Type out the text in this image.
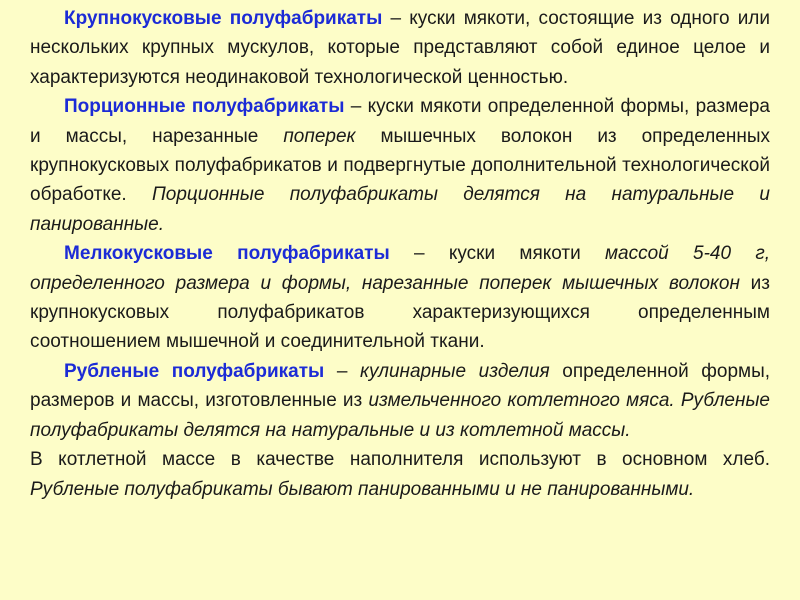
Крупнокусковые полуфабрикаты – куски мякоти, состоящие из одного или нескольких крупных мускулов, которые представляют собой единое целое и характеризуются неодинаковой технологической ценностью.

Порционные полуфабрикаты – куски мякоти определенной формы, размера и массы, нарезанные поперек мышечных волокон из определенных крупнокусковых полуфабрикатов и подвергнутые дополнительной технологической обработке. Порционные полуфабрикаты делятся на натуральные и панированные.

Мелкокусковые полуфабрикаты – куски мякоти массой 5-40 г, определенного размера и формы, нарезанные поперек мышечных волокон из крупнокусковых полуфабрикатов характеризующихся определенным соотношением мышечной и соединительной ткани.

Рубленые полуфабрикаты – кулинарные изделия определенной формы, размеров и массы, изготовленные из измельченного котлетного мяса. Рубленые полуфабрикаты делятся на натуральные и из котлетной массы.

В котлетной массе в качестве наполнителя используют в основном хлеб. Рубленые полуфабрикаты бывают панированными и не панированными.
